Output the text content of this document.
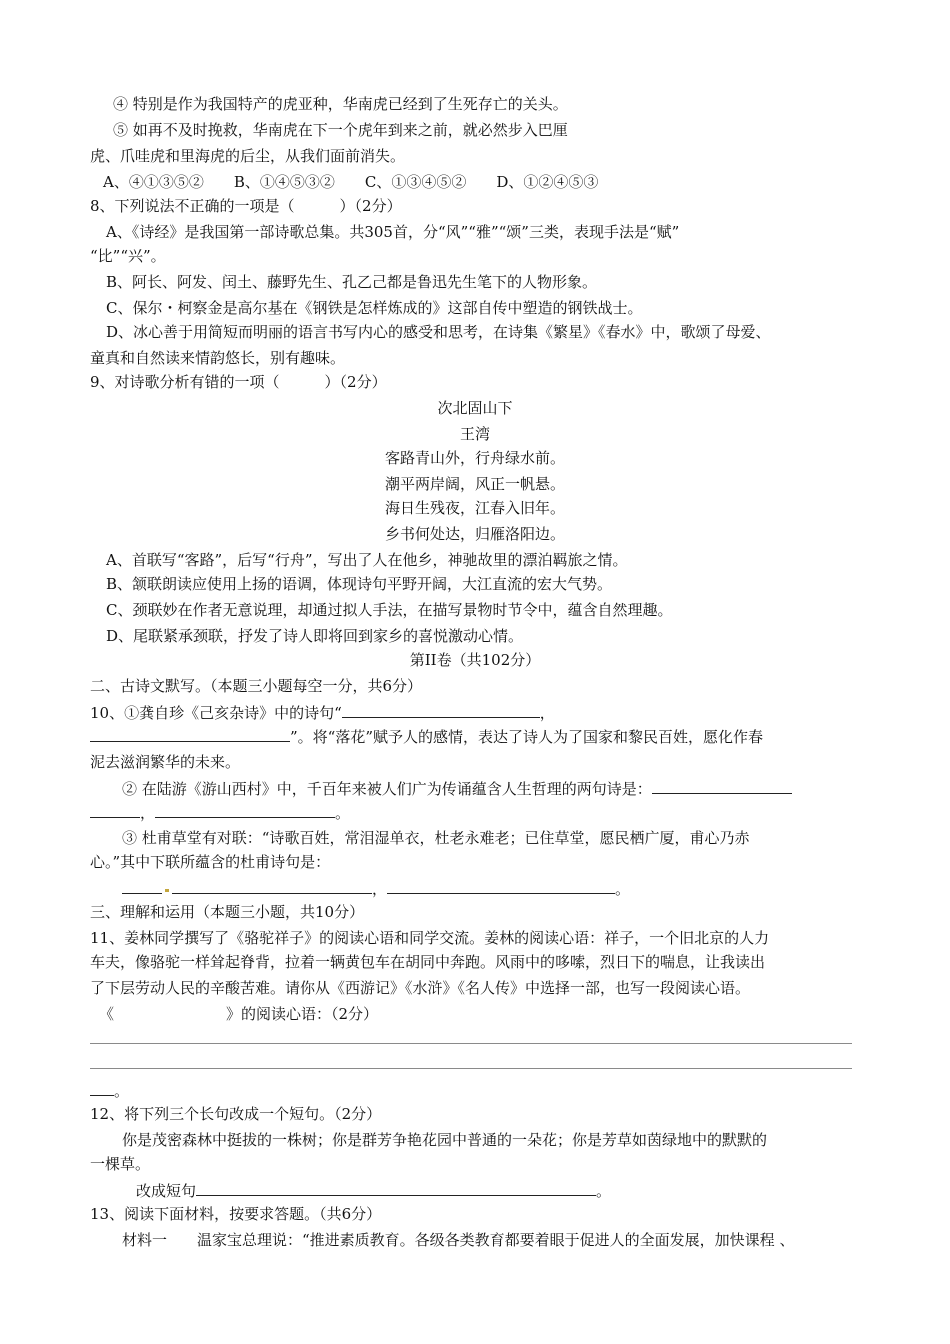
④ 特别是作为我国特产的虎亚种，华南虎已经到了生死存亡的关头。
⑤ 如再不及时挽救，华南虎在下一个虎年到来之前，就必然步入巴厘
虎、爪哇虎和里海虎的后尘，从我们面前消失。
A、④①③⑤②　　B、①④⑤③②　　C、①③④⑤②　　D、①②④⑤③
8、下列说法不正确的一项是（　　　）（2分）
A、《诗经》是我国第一部诗歌总集。共305首，分“风”“雅”“颂”三类，表现手法是“赋”
“比”“兴”。
B、阿长、阿发、闰土、藤野先生、孔乙己都是鲁迅先生笔下的人物形象。
C、保尔・柯察金是高尔基在《钢铁是怎样炼成的》这部自传中塑造的钢铁战士。
D、冰心善于用简短而明丽的语言书写内心的感受和思考，在诗集《繁星》《春水》中，歌颂了母爱、
童真和自然读来情韵悠长，别有趣味。
9、对诗歌分析有错的一项（　　　）（2分）
次北固山下
王湾
客路青山外，行舟绿水前。
潮平两岸阔，风正一帆悬。
海日生残夜，江春入旧年。
乡书何处达，归雁洛阳边。
A、首联写“客路”，后写“行舟”，写出了人在他乡，神驰故里的漂泊羁旅之情。
B、颔联朗读应使用上扬的语调，体现诗句平野开阔，大江直流的宏大气势。
C、颈联妙在作者无意说理，却通过拟人手法，在描写景物时节令中，蕴含自然理趣。
D、尾联紧承颈联，抒发了诗人即将回到家乡的喜悦激动心情。
第II卷（共102分）
二、古诗文默写。（本题三小题每空一分，共6分）
10、①龚自珍《己亥杂诗》中的诗句“	，
”。将“落花”赋予人的感情，表达了诗人为了国家和黎民百姓，愿化作春
泥去滋润繁华的未来。
② 在陆游《游山西村》中，千百年来被人们广为传诵蕴含人生哲理的两句诗是：
，	。
③ 杜甫草堂有对联：“诗歌百姓，常泪湿单衣，杜老永难老；已住草堂，愿民栖广厦，甫心乃赤
心。”其中下联所蕴含的杜甫诗句是：
，	。
三、理解和运用（本题三小题，共10分）
11、姜林同学撰写了《骆驼祥子》的阅读心语和同学交流。姜林的阅读心语：祥子，一个旧北京的人力
车夫，像骆驼一样耸起脊背，拉着一辆黄包车在胡同中奔跑。风雨中的哆嗦，烈日下的喘息，让我读出
了下层劳动人民的辛酸苦难。请你从《西游记》《水浒》《名人传》中选择一部，也写一段阅读心语。
《	》的阅读心语：（2分）
。
12、将下列三个长句改成一个短句。（2分）
你是茂密森林中挺拔的一株树；你是群芳争艳花园中普通的一朵花；你是芳草如茵绿地中的默默的
一棵草。
改成短句	。
13、阅读下面材料，按要求答题。（共6分）
材料一　　温家宝总理说：“推进素质教育。各级各类教育都要着眼于促进人的全面发展，加快课程 、
